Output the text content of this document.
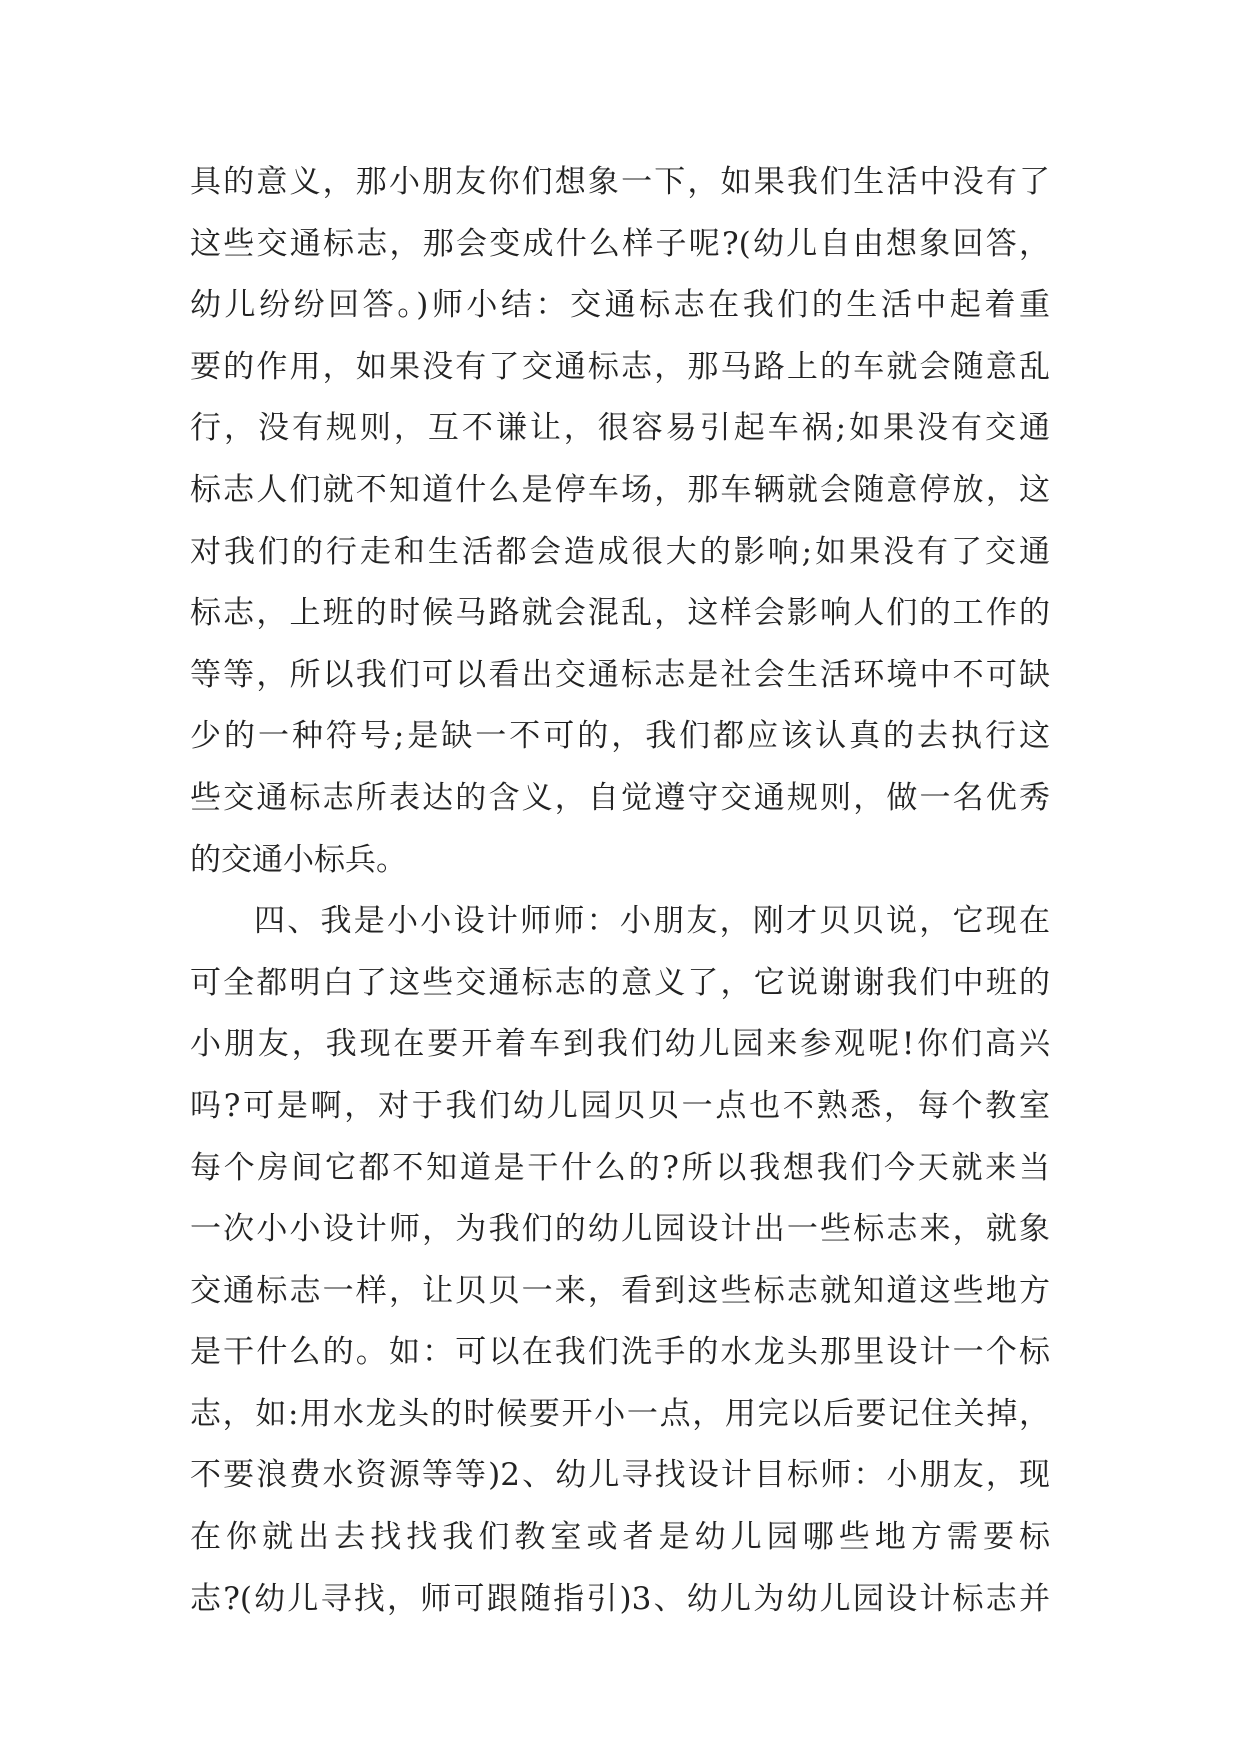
具的意义，那小朋友你们想象一下，如果我们生活中没有了
这些交通标志，那会变成什么样子呢?(幼儿自由想象回答，
幼儿纷纷回答。)师小结：交通标志在我们的生活中起着重
要的作用，如果没有了交通标志，那马路上的车就会随意乱
行，没有规则，互不谦让，很容易引起车祸;如果没有交通
标志人们就不知道什么是停车场，那车辆就会随意停放，这
对我们的行走和生活都会造成很大的影响;如果没有了交通
标志，上班的时候马路就会混乱，这样会影响人们的工作的
等等，所以我们可以看出交通标志是社会生活环境中不可缺
少的一种符号;是缺一不可的，我们都应该认真的去执行这
些交通标志所表达的含义，自觉遵守交通规则，做一名优秀
的交通小标兵。
四、我是小小设计师师：小朋友，刚才贝贝说，它现在
可全都明白了这些交通标志的意义了，它说谢谢我们中班的
小朋友，我现在要开着车到我们幼儿园来参观呢!你们高兴
吗?可是啊，对于我们幼儿园贝贝一点也不熟悉，每个教室
每个房间它都不知道是干什么的?所以我想我们今天就来当
一次小小设计师，为我们的幼儿园设计出一些标志来，就象
交通标志一样，让贝贝一来，看到这些标志就知道这些地方
是干什么的。如：可以在我们洗手的水龙头那里设计一个标
志，如:用水龙头的时候要开小一点，用完以后要记住关掉，
不要浪费水资源等等)2、幼儿寻找设计目标师：小朋友，现
在你就出去找找我们教室或者是幼儿园哪些地方需要标
志?(幼儿寻找，师可跟随指引)3、幼儿为幼儿园设计标志并
